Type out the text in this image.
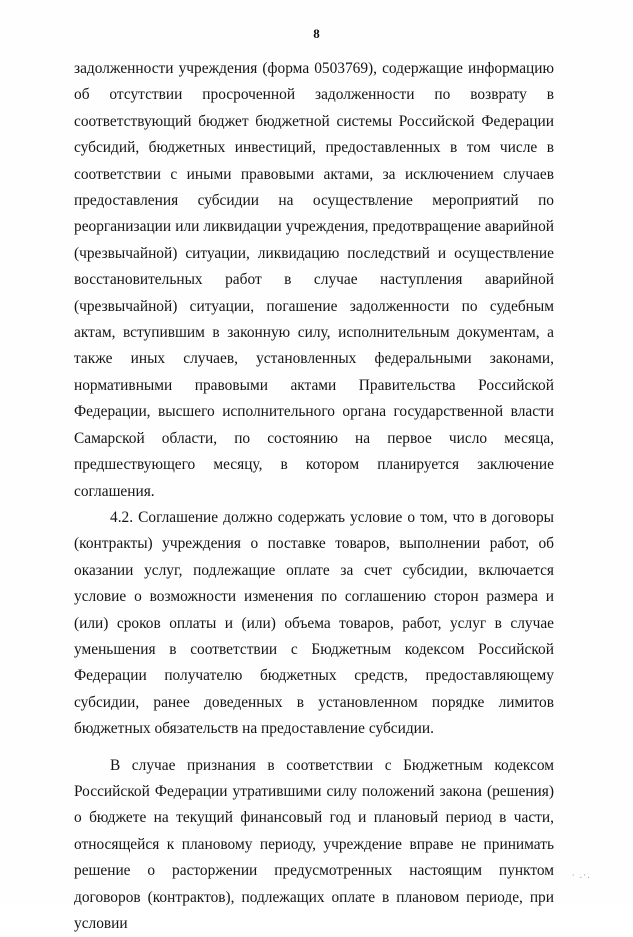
8

задолженности учреждения (форма 0503769), содержащие информацию об отсутствии просроченной задолженности по возврату в соответствующий бюджет бюджетной системы Российской Федерации субсидий, бюджетных инвестиций, предоставленных в том числе в соответствии с иными правовыми актами, за исключением случаев предоставления субсидии на осуществление мероприятий по реорганизации или ликвидации учреждения, предотвращение аварийной (чрезвычайной) ситуации, ликвидацию последствий и осуществление восстановительных работ в случае наступления аварийной (чрезвычайной) ситуации, погашение задолженности по судебным актам, вступившим в законную силу, исполнительным документам, а также иных случаев, установленных федеральными законами, нормативными правовыми актами Правительства Российской Федерации, высшего исполнительного органа государственной власти Самарской области, по состоянию на первое число месяца, предшествующего месяцу, в котором планируется заключение соглашения.

4.2. Соглашение должно содержать условие о том, что в договоры (контракты) учреждения о поставке товаров, выполнении работ, об оказании услуг, подлежащие оплате за счет субсидии, включается условие о возможности изменения по соглашению сторон размера и (или) сроков оплаты и (или) объема товаров, работ, услуг в случае уменьшения в соответствии с Бюджетным кодексом Российской Федерации получателю бюджетных средств, предоставляющему субсидии, ранее доведенных в установленном порядке лимитов бюджетных обязательств на предоставление субсидии.

В случае признания в соответствии с Бюджетным кодексом Российской Федерации утратившими силу положений закона (решения) о бюджете на текущий финансовый год и плановый период в части, относящейся к плановому периоду, учреждение вправе не принимать решение о расторжении предусмотренных настоящим пунктом договоров (контрактов), подлежащих оплате в плановом периоде, при условии

· .·.
